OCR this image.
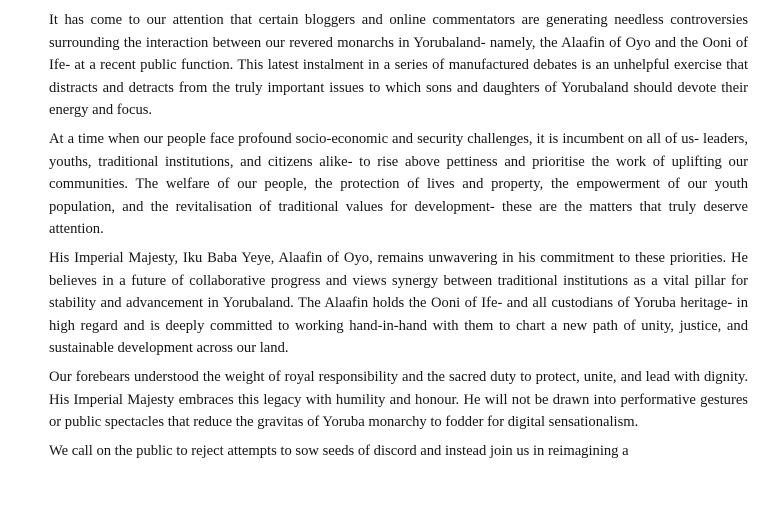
It has come to our attention that certain bloggers and online commentators are generating needless controversies surrounding the interaction between our revered monarchs in Yorubaland- namely, the Alaafin of Oyo and the Ooni of Ife- at a recent public function. This latest instalment in a series of manufactured debates is an unhelpful exercise that distracts and detracts from the truly important issues to which sons and daughters of Yorubaland should devote their energy and focus.

At a time when our people face profound socio-economic and security challenges, it is incumbent on all of us- leaders, youths, traditional institutions, and citizens alike- to rise above pettiness and prioritise the work of uplifting our communities. The welfare of our people, the protection of lives and property, the empowerment of our youth population, and the revitalisation of traditional values for development- these are the matters that truly deserve attention.

His Imperial Majesty, Iku Baba Yeye, Alaafin of Oyo, remains unwavering in his commitment to these priorities. He believes in a future of collaborative progress and views synergy between traditional institutions as a vital pillar for stability and advancement in Yorubaland. The Alaafin holds the Ooni of Ife- and all custodians of Yoruba heritage- in high regard and is deeply committed to working hand-in-hand with them to chart a new path of unity, justice, and sustainable development across our land.

Our forebears understood the weight of royal responsibility and the sacred duty to protect, unite, and lead with dignity. His Imperial Majesty embraces this legacy with humility and honour. He will not be drawn into performative gestures or public spectacles that reduce the gravitas of Yoruba monarchy to fodder for digital sensationalism.

We call on the public to reject attempts to sow seeds of discord and instead join us in reimagining a
